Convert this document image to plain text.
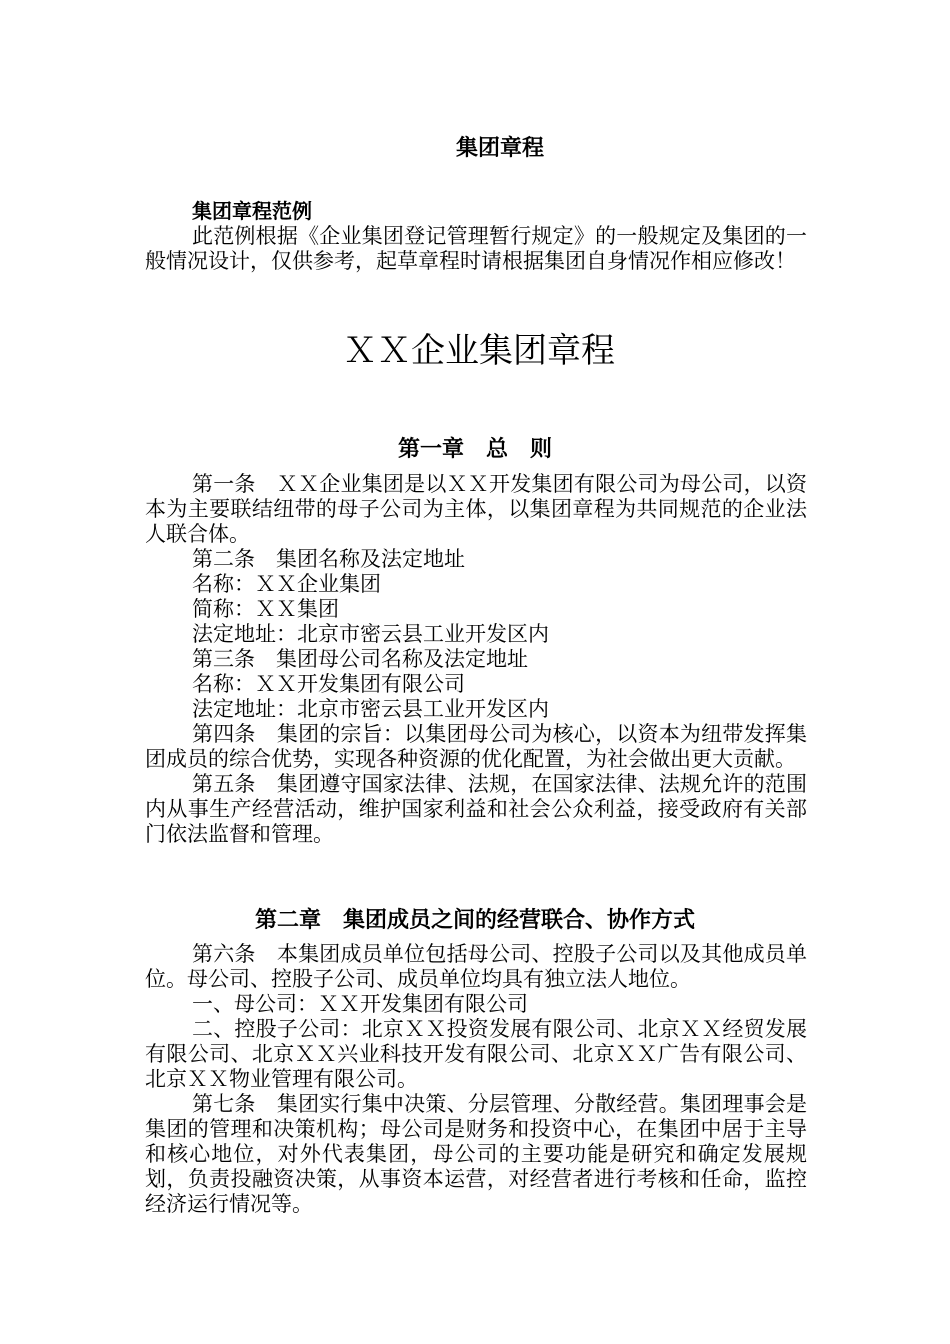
集团章程
集团章程范例

此范例根据《企业集团登记管理暂行规定》的一般规定及集团的一般情况设计，仅供参考，起草章程时请根据集团自身情况作相应修改！

ＸＸ企业集团章程
第一章　总　则

第一条　ＸＸ企业集团是以ＸＸ开发集团有限公司为母公司，以资本为主要联结纽带的母子公司为主体，以集团章程为共同规范的企业法人联合体。

第二条　集团名称及法定地址

名称：ＸＸ企业集团

简称：ＸＸ集团

法定地址：北京市密云县工业开发区内

第三条　集团母公司名称及法定地址

名称：ＸＸ开发集团有限公司

法定地址：北京市密云县工业开发区内

第四条　集团的宗旨：以集团母公司为核心，以资本为纽带发挥集团成员的综合优势，实现各种资源的优化配置，为社会做出更大贡献。

第五条　集团遵守国家法律、法规，在国家法律、法规允许的范围内从事生产经营活动，维护国家利益和社会公众利益，接受政府有关部门依法监督和管理。

第二章　集团成员之间的经营联合、协作方式

第六条　本集团成员单位包括母公司、控股子公司以及其他成员单位。母公司、控股子公司、成员单位均具有独立法人地位。

一、母公司：ＸＸ开发集团有限公司

二、控股子公司：北京ＸＸ投资发展有限公司、北京ＸＸ经贸发展有限公司、北京ＸＸ兴业科技开发有限公司、北京ＸＸ广告有限公司、北京ＸＸ物业管理有限公司。

第七条　集团实行集中决策、分层管理、分散经营。集团理事会是集团的管理和决策机构；母公司是财务和投资中心，在集团中居于主导和核心地位，对外代表集团，母公司的主要功能是研究和确定发展规划，负责投融资决策，从事资本运营，对经营者进行考核和任命，监控经济运行情况等。
